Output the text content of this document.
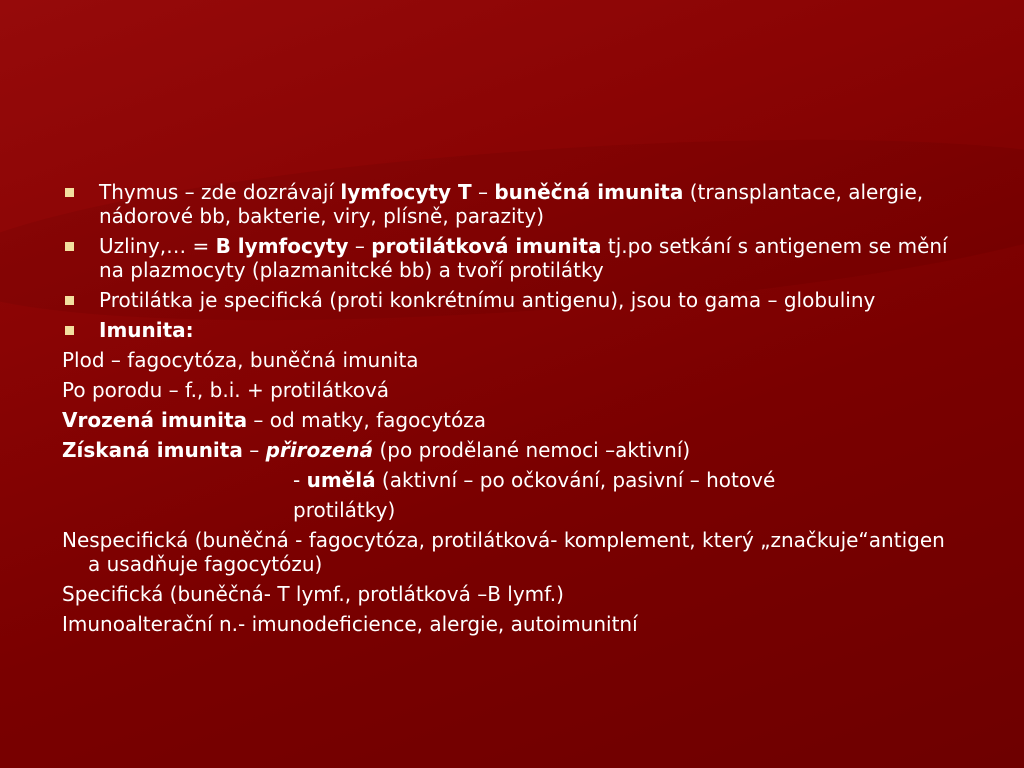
Thymus – zde dozrávají lymfocyty T – buněčná imunita (transplantace, alergie, nádorové bb, bakterie, viry, plísně, parazity)
Uzliny,… = B lymfocyty – protilátková imunita tj.po setkání s antigenem se mění na plazmocyty (plazmanitcké bb) a tvoří protilátky
Protilátka je specifická (proti konkrétnímu antigenu), jsou to gama – globuliny
Imunita:
Plod – fagocytóza, buněčná imunita
Po porodu – f., b.i. + protilátková
Vrozená imunita – od matky, fagocytóza
Získaná imunita – přirozená (po prodělané nemoci –aktivní)
- umělá (aktivní – po očkování, pasivní – hotové
protilátky)
Nespecifická (buněčná - fagocytóza, protilátková- komplement, který „značkuje“antigen a usadňuje fagocytózu)
Specifická (buněčná- T lymf., protlátková –B lymf.)
Imunoalterační n.- imunodeficience, alergie, autoimunitní
